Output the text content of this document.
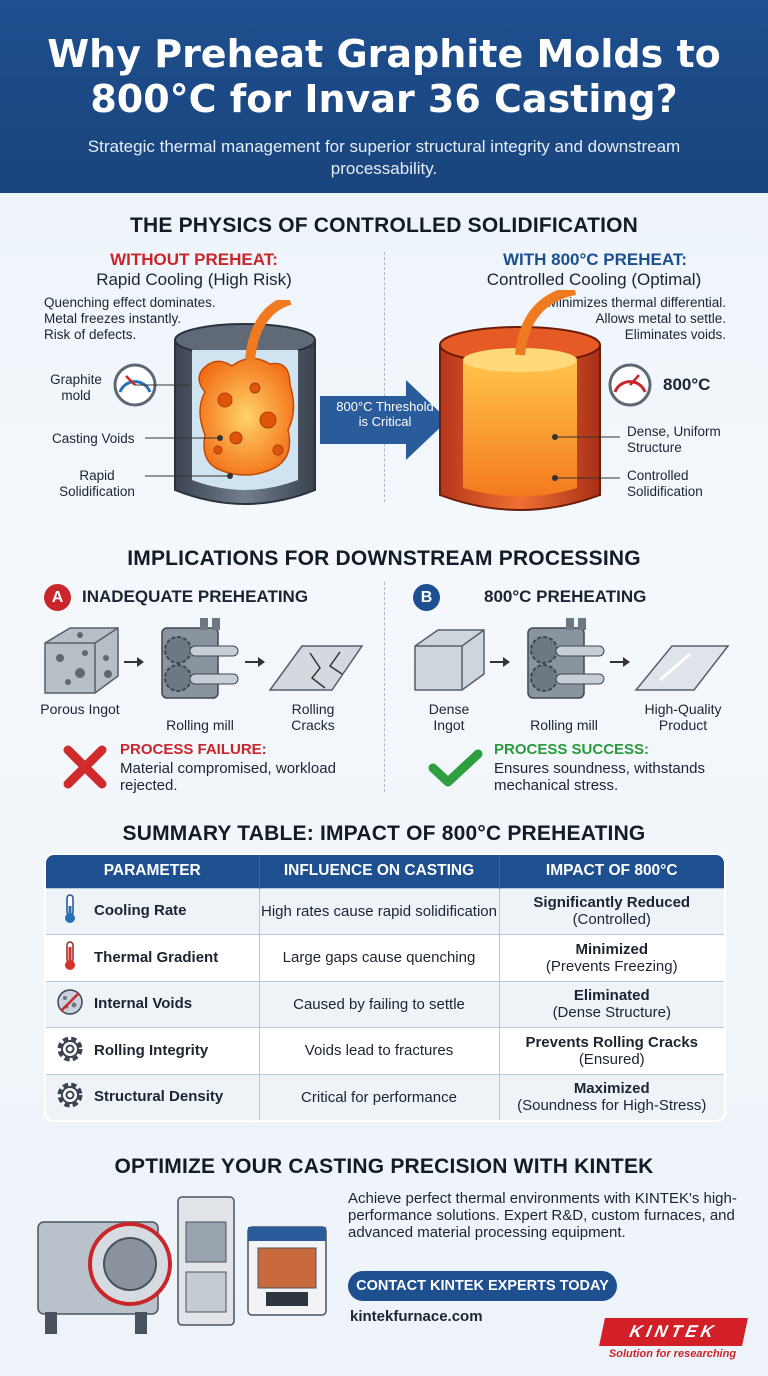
Why Preheat Graphite Molds to 800°C for Invar 36 Casting?

Strategic thermal management for superior structural integrity and downstream processability.

THE PHYSICS OF CONTROLLED SOLIDIFICATION
WITHOUT PREHEAT:
Rapid Cooling (High Risk)
Quenching effect dominates.
Metal freezes instantly.
Risk of defects.
WITH 800°C PREHEAT:
Controlled Cooling (Optimal)
Minimizes thermal differential.
Allows metal to settle.
Eliminates voids.
Graphite mold
Casting Voids
Rapid Solidification
800°C Threshold is Critical
800°C
Dense, Uniform Structure
Controlled Solidification
IMPLICATIONS FOR DOWNSTREAM PROCESSING
A	INADEQUATE PREHEATING	B	800°C PREHEATING
Porous Ingot
Rolling mill
Rolling Cracks
Dense Ingot	Rolling mill
High-Quality Product
PROCESS FAILURE:
Material compromised, workload rejected.
PROCESS SUCCESS:
Ensures soundness, withstands mechanical stress.
SUMMARY TABLE: IMPACT OF 800°C PREHEATING
PARAMETER	INFLUENCE ON CASTING	IMPACT OF 800°C
Cooling Rate	High rates cause rapid solidification	Significantly Reduced
(Controlled)

Thermal Gradient	Large gaps cause quenching	Minimized
(Prevents Freezing)

Internal Voids	Caused by failing to settle	Eliminated
(Dense Structure)

Rolling Integrity	Voids lead to fractures	Prevents Rolling Cracks
(Ensured)

Structural Density	Critical for performance	Maximized
(Soundness for High-Stress)
OPTIMIZE YOUR CASTING PRECISION WITH KINTEK
Achieve perfect thermal environments with KINTEK's high-performance solutions. Expert R&D, custom furnaces, and advanced material processing equipment.
CONTACT KINTEK EXPERTS TODAY
kintekfurnace.com
KINTEK
Solution for researching
